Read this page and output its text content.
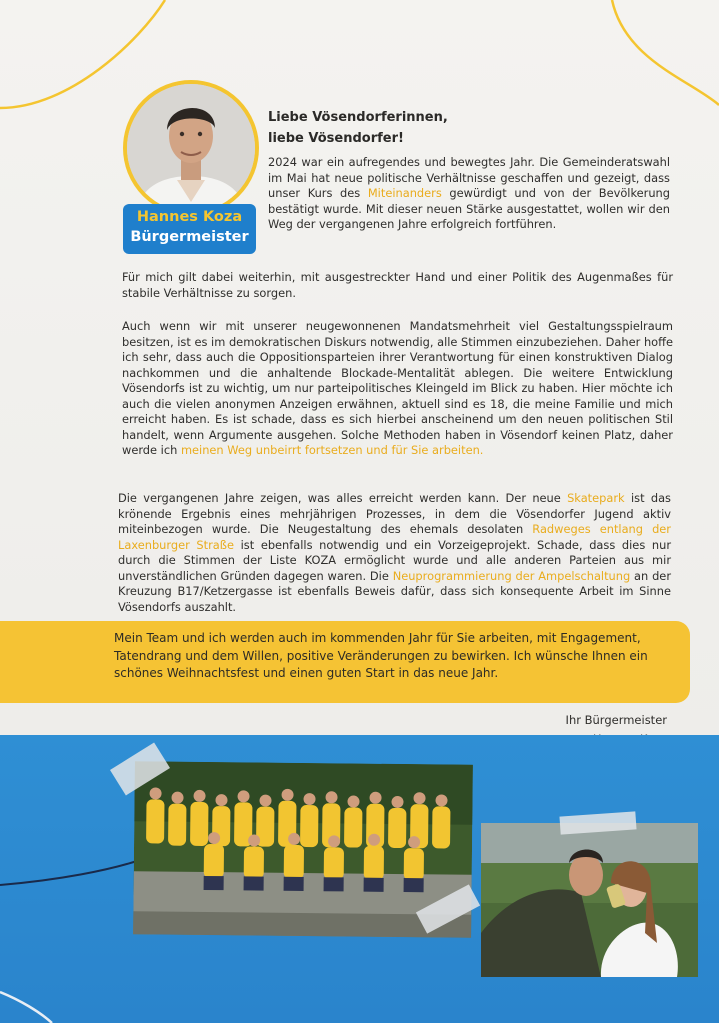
Hannes Koza
Bürgermeister
Liebe Vösendorferinnen,
liebe Vösendorfer!

2024 war ein aufregendes und bewegtes Jahr. Die Gemeinderatswahl im Mai hat neue politische Verhältnisse geschaffen und gezeigt, dass unser Kurs des Miteinanders gewürdigt und von der Bevölkerung bestätigt wurde. Mit dieser neuen Stärke ausgestattet, wollen wir den Weg der vergangenen Jahre erfolgreich fortführen.

Für mich gilt dabei weiterhin, mit ausgestreckter Hand und einer Politik des Augenmaßes für stabile Verhältnisse zu sorgen.

Auch wenn wir mit unserer neugewonnenen Mandatsmehrheit viel Gestaltungsspielraum besitzen, ist es im demokratischen Diskurs notwendig, alle Stimmen einzubeziehen. Daher hoffe ich sehr, dass auch die Oppositionsparteien ihrer Verantwortung für einen konstruktiven Dialog nachkommen und die anhaltende Blockade-Mentalität ablegen. Die weitere Entwicklung Vösendorfs ist zu wichtig, um nur parteipolitisches Kleingeld im Blick zu haben. Hier möchte ich auch die vielen anonymen Anzeigen erwähnen, aktuell sind es 18, die meine Familie und mich erreicht haben. Es ist schade, dass es sich hierbei anscheinend um den neuen politischen Stil handelt, wenn Argumente ausgehen. Solche Methoden haben in Vösendorf keinen Platz, daher werde ich meinen Weg unbeirrt fortsetzen und für Sie arbeiten.

Die vergangenen Jahre zeigen, was alles erreicht werden kann. Der neue Skatepark ist das krönende Ergebnis eines mehrjährigen Prozesses, in dem die Vösendorfer Jugend aktiv miteinbezogen wurde. Die Neugestaltung des ehemals desolaten Radweges entlang der Laxenburger Straße ist ebenfalls notwendig und ein Vorzeigeprojekt. Schade, dass dies nur durch die Stimmen der Liste KOZA ermöglicht wurde und alle anderen Parteien aus mir unverständlichen Gründen dagegen waren. Die Neuprogrammierung der Ampelschaltung an der Kreuzung B17/Ketzergasse ist ebenfalls Beweis dafür, dass sich konsequente Arbeit im Sinne Vösendorfs auszahlt.

Mein Team und ich werden auch im kommenden Jahr für Sie arbeiten, mit Engagement, Tatendrang und dem Willen, positive Veränderungen zu bewirken. Ich wünsche Ihnen ein schönes Weihnachtsfest und einen guten Start in das neue Jahr.

Ihr Bürgermeister
